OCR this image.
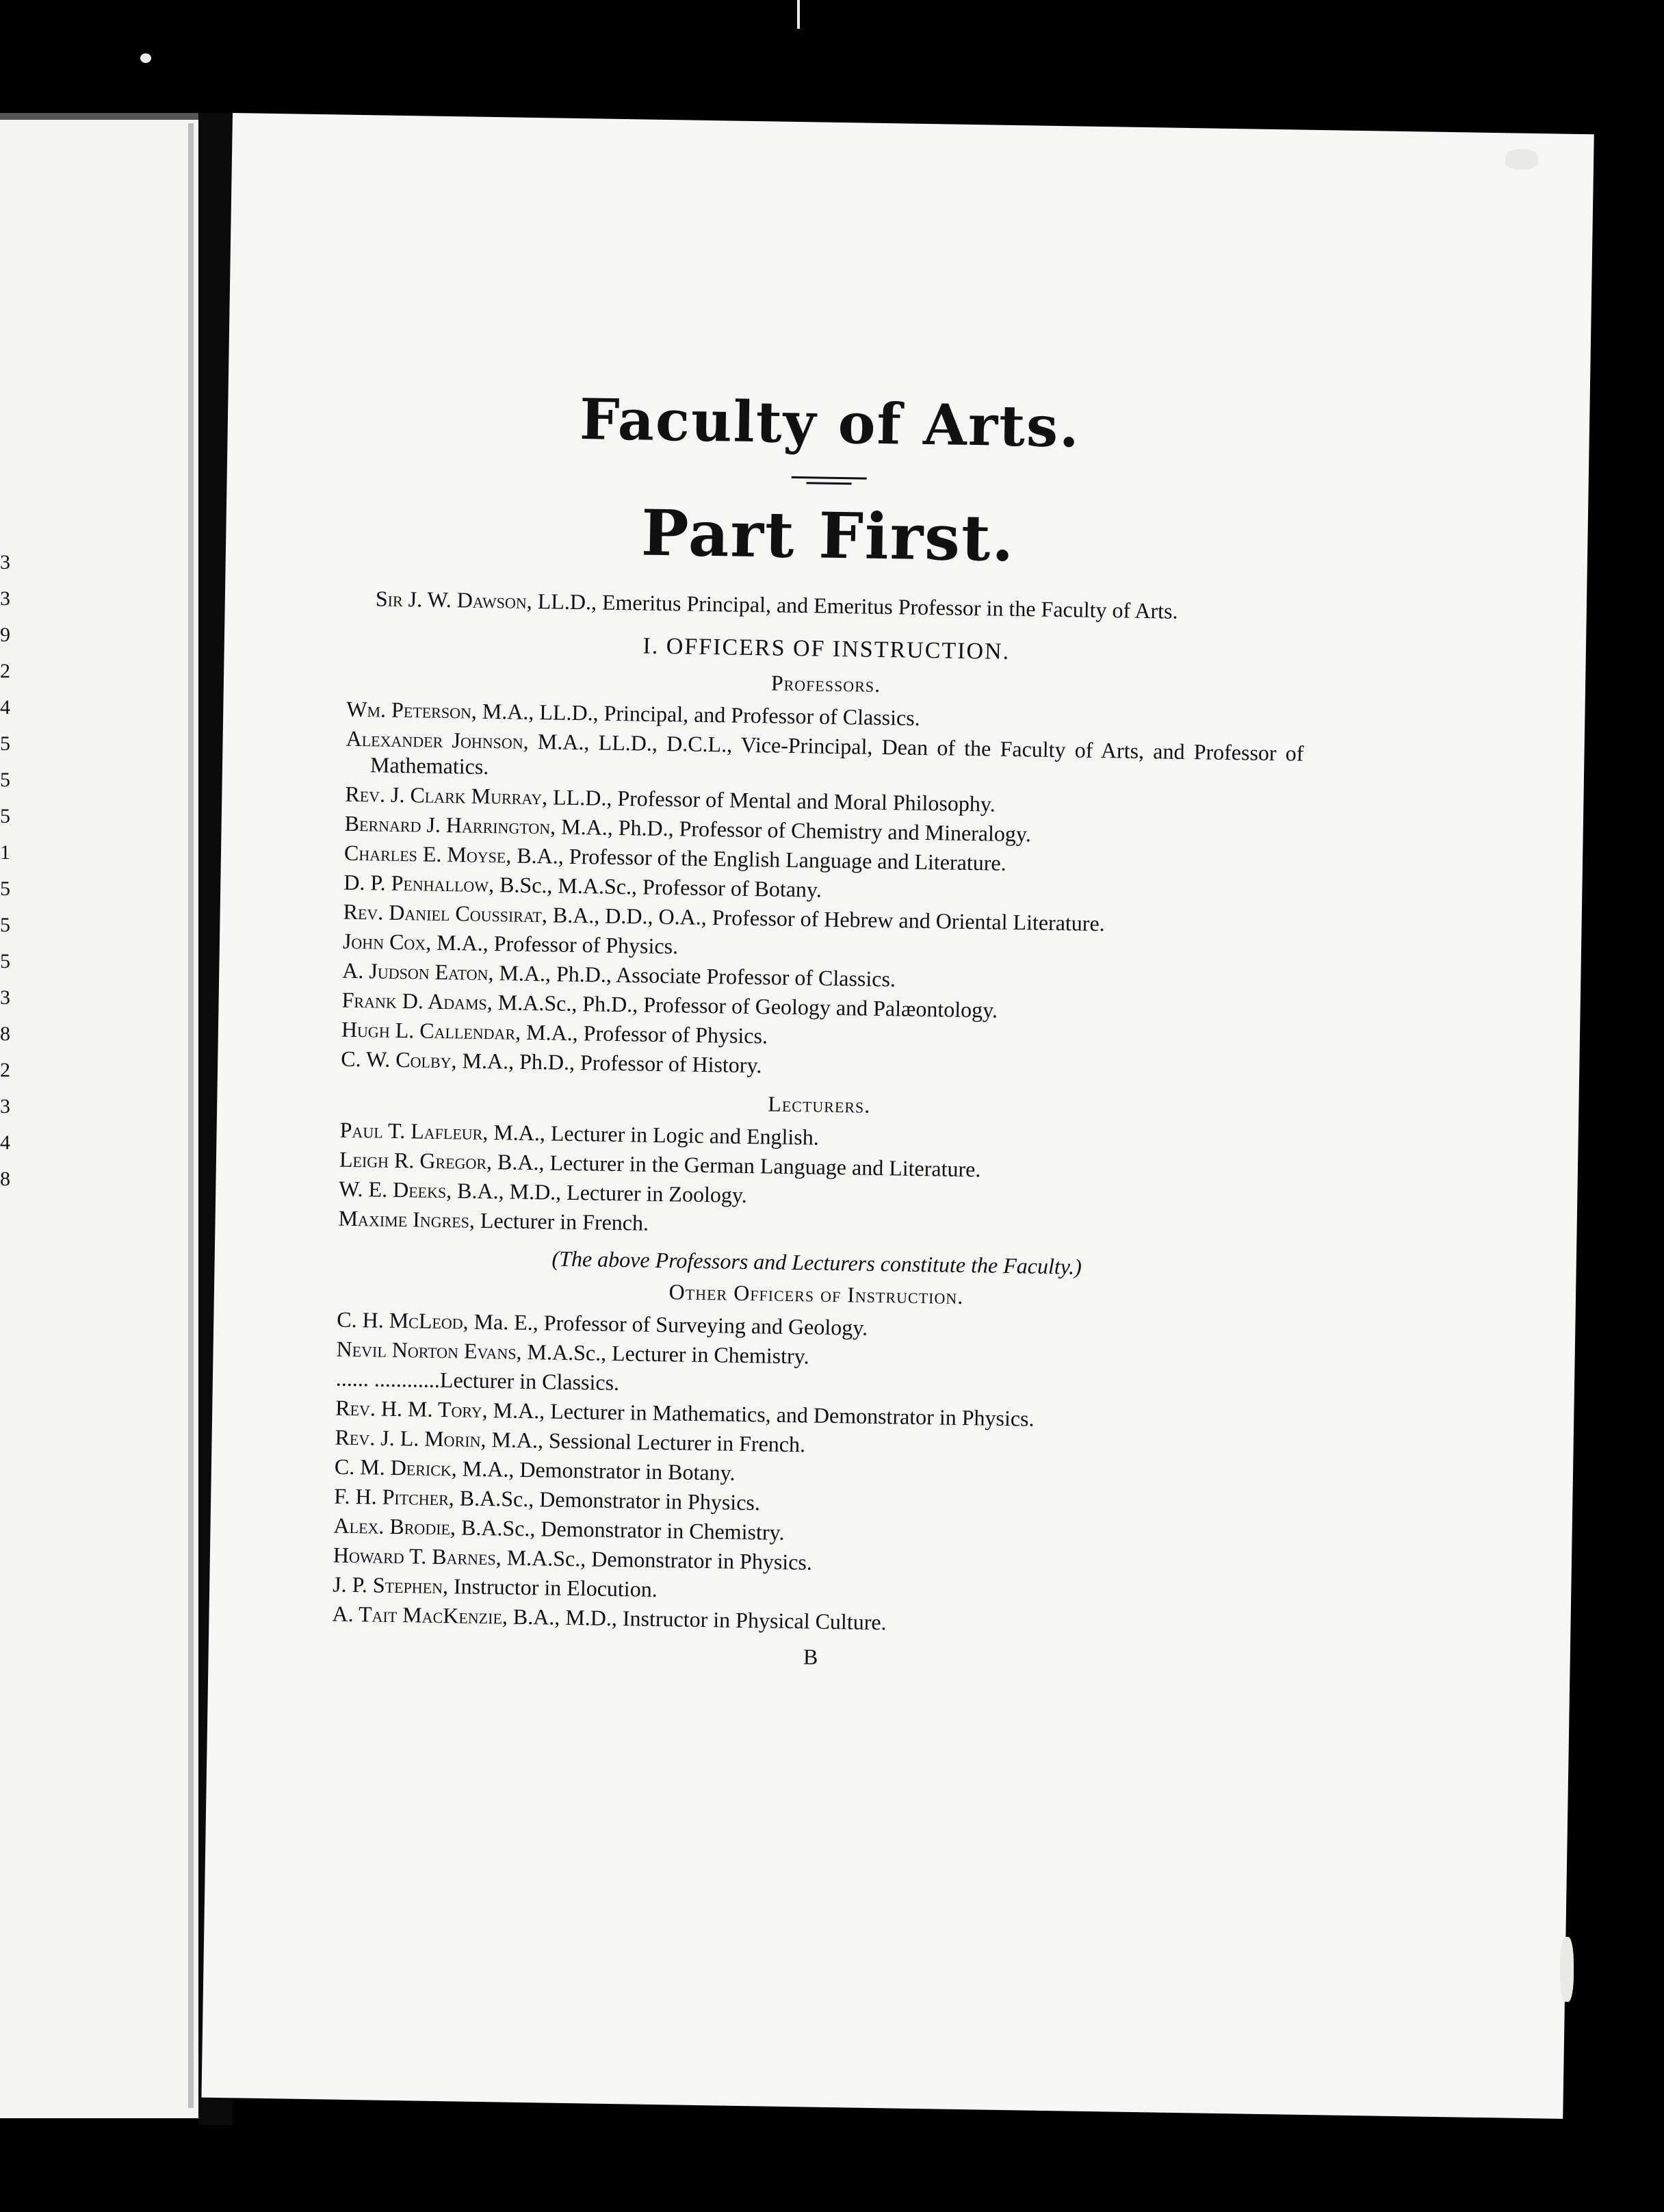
3
3
9
2
4
5
5
5
1
5
5
5
3
8
2
3
4
8
Faculty of Arts.
Part First.
Sir J. W. Dawson, LL.D., Emeritus Principal, and Emeritus Professor in the Faculty of Arts.
I. OFFICERS OF INSTRUCTION.
Professors.
Wm. Peterson, M.A., LL.D., Principal, and Professor of Classics.
Alexander Johnson, M.A., LL.D., D.C.L., Vice-Principal, Dean of the Faculty of Arts, and Professor of Mathematics.
Rev. J. Clark Murray, LL.D., Professor of Mental and Moral Philosophy.
Bernard J. Harrington, M.A., Ph.D., Professor of Chemistry and Mineralogy.
Charles E. Moyse, B.A., Professor of the English Language and Literature.
D. P. Penhallow, B.Sc., M.A.Sc., Professor of Botany.
Rev. Daniel Coussirat, B.A., D.D., O.A., Professor of Hebrew and Oriental Literature.
John Cox, M.A., Professor of Physics.
A. Judson Eaton, M.A., Ph.D., Associate Professor of Classics.
Frank D. Adams, M.A.Sc., Ph.D., Professor of Geology and Palæontology.
Hugh L. Callendar, M.A., Professor of Physics.
C. W. Colby, M.A., Ph.D., Professor of History.
Lecturers.
Paul T. Lafleur, M.A., Lecturer in Logic and English.
Leigh R. Gregor, B.A., Lecturer in the German Language and Literature.
W. E. Deeks, B.A., M.D., Lecturer in Zoology.
Maxime Ingres, Lecturer in French.
(The above Professors and Lecturers constitute the Faculty.)
Other Officers of Instruction.
C. H. McLeod, Ma. E., Professor of Surveying and Geology.
Nevil Norton Evans, M.A.Sc., Lecturer in Chemistry.
...... ............Lecturer in Classics.
Rev. H. M. Tory, M.A., Lecturer in Mathematics, and Demonstrator in Physics.
Rev. J. L. Morin, M.A., Sessional Lecturer in French.
C. M. Derick, M.A., Demonstrator in Botany.
F. H. Pitcher, B.A.Sc., Demonstrator in Physics.
Alex. Brodie, B.A.Sc., Demonstrator in Chemistry.
Howard T. Barnes, M.A.Sc., Demonstrator in Physics.
J. P. Stephen, Instructor in Elocution.
A. Tait MacKenzie, B.A., M.D., Instructor in Physical Culture.
B
